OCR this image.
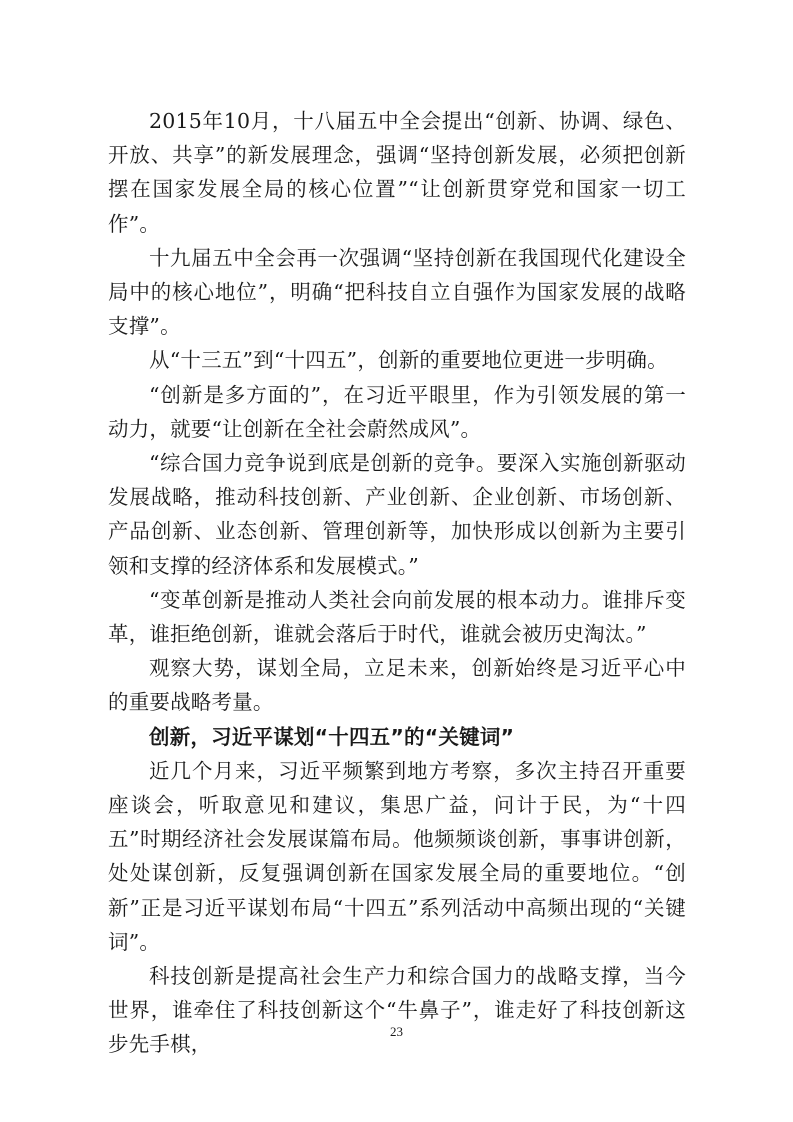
2015年10月，十八届五中全会提出“创新、协调、绿色、开放、共享”的新发展理念，强调“坚持创新发展，必须把创新摆在国家发展全局的核心位置”“让创新贯穿党和国家一切工作”。

十九届五中全会再一次强调“坚持创新在我国现代化建设全局中的核心地位”，明确“把科技自立自强作为国家发展的战略支撑”。

从“十三五”到“十四五”，创新的重要地位更进一步明确。

“创新是多方面的”，在习近平眼里，作为引领发展的第一动力，就要“让创新在全社会蔚然成风”。

“综合国力竞争说到底是创新的竞争。要深入实施创新驱动发展战略，推动科技创新、产业创新、企业创新、市场创新、产品创新、业态创新、管理创新等，加快形成以创新为主要引领和支撑的经济体系和发展模式。”

“变革创新是推动人类社会向前发展的根本动力。谁排斥变革，谁拒绝创新，谁就会落后于时代，谁就会被历史淘汰。”

观察大势，谋划全局，立足未来，创新始终是习近平心中的重要战略考量。

创新，习近平谋划“十四五”的“关键词”

近几个月来，习近平频繁到地方考察，多次主持召开重要座谈会，听取意见和建议，集思广益，问计于民，为“十四五”时期经济社会发展谋篇布局。他频频谈创新，事事讲创新，处处谋创新，反复强调创新在国家发展全局的重要地位。“创新”正是习近平谋划布局“十四五”系列活动中高频出现的“关键词”。

科技创新是提高社会生产力和综合国力的战略支撑，当今世界，谁牵住了科技创新这个“牛鼻子”，谁走好了科技创新这步先手棋，

23
